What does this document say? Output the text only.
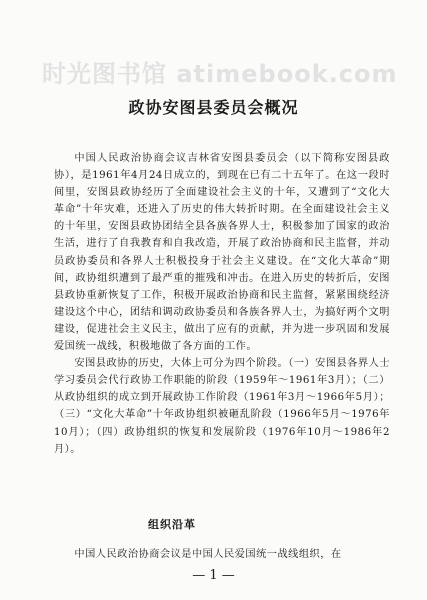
时光图书馆 atimebook.com
政协安图县委员会概况

中国人民政治协商会议吉林省安图县委员会（以下简称安图县政协），是1961年4月24日成立的，到现在已有二十五年了。在这一段时间里，安图县政协经历了全面建设社会主义的十年，又遭到了“文化大革命”十年灾难，还进入了历史的伟大转折时期。在全面建设社会主义的十年里，安图县政协团结全县各族各界人士，积极参加了国家的政治生活，进行了自我教育和自我改造，开展了政治协商和民主监督，并动员政协委员和各界人士积极投身于社会主义建设。在“文化大革命”期间，政协组织遭到了最严重的摧残和冲击。在进入历史的转折后，安图县政协重新恢复了工作，积极开展政治协商和民主监督，紧紧围绕经济建设这个中心，团结和调动政协委员和各族各界人士，为搞好两个文明建设，促进社会主义民主，做出了应有的贡献，并为进一步巩固和发展爱国统一战线，积极地做了各方面的工作。

安图县政协的历史，大体上可分为四个阶段。（一）安图县各界人士学习委员会代行政协工作职能的阶段（1959年～1961年3月）；（二）从政协组织的成立到开展政协工作阶段（1961年3月～1966年5月）；（三）“文化大革命”十年政协组织被砸乱阶段（1966年5月～1976年10月）；（四）政协组织的恢复和发展阶段（1976年10月～1986年2月）。

组织沿革
中国人民政治协商会议是中国人民爱国统一战线组织，在
— 1 —
